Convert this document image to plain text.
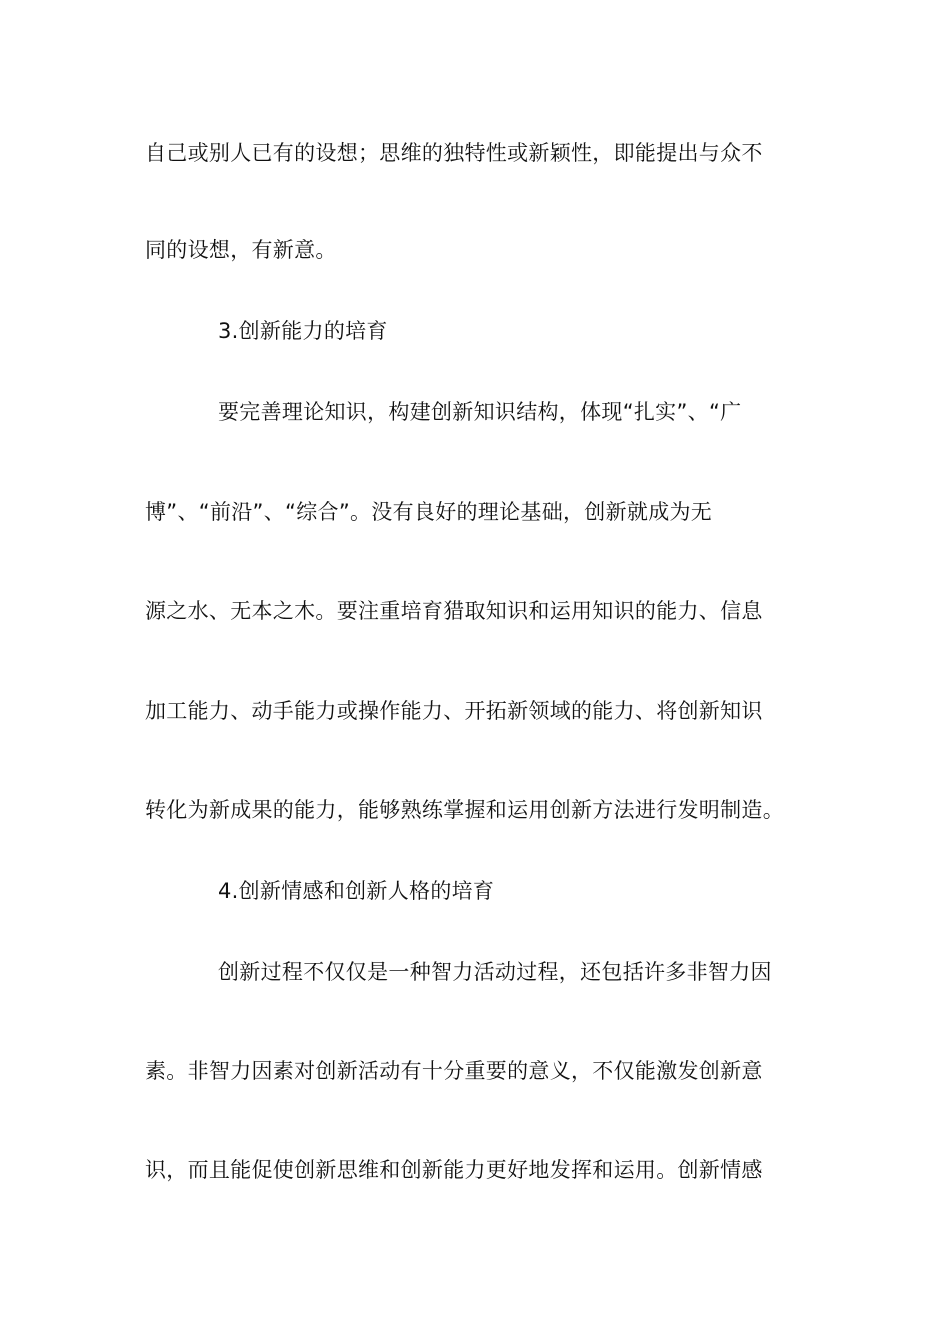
自己或别人已有的设想；思维的独特性或新颖性，即能提出与众不
同的设想，有新意。
3.创新能力的培育
要完善理论知识，构建创新知识结构，体现“扎实”、“广
博”、“前沿”、“综合”。没有良好的理论基础，创新就成为无
源之水、无本之木。要注重培育猎取知识和运用知识的能力、信息
加工能力、动手能力或操作能力、开拓新领域的能力、将创新知识
转化为新成果的能力，能够熟练掌握和运用创新方法进行发明制造。
4.创新情感和创新人格的培育
创新过程不仅仅是一种智力活动过程，还包括许多非智力因
素。非智力因素对创新活动有十分重要的意义，不仅能激发创新意
识，而且能促使创新思维和创新能力更好地发挥和运用。创新情感
